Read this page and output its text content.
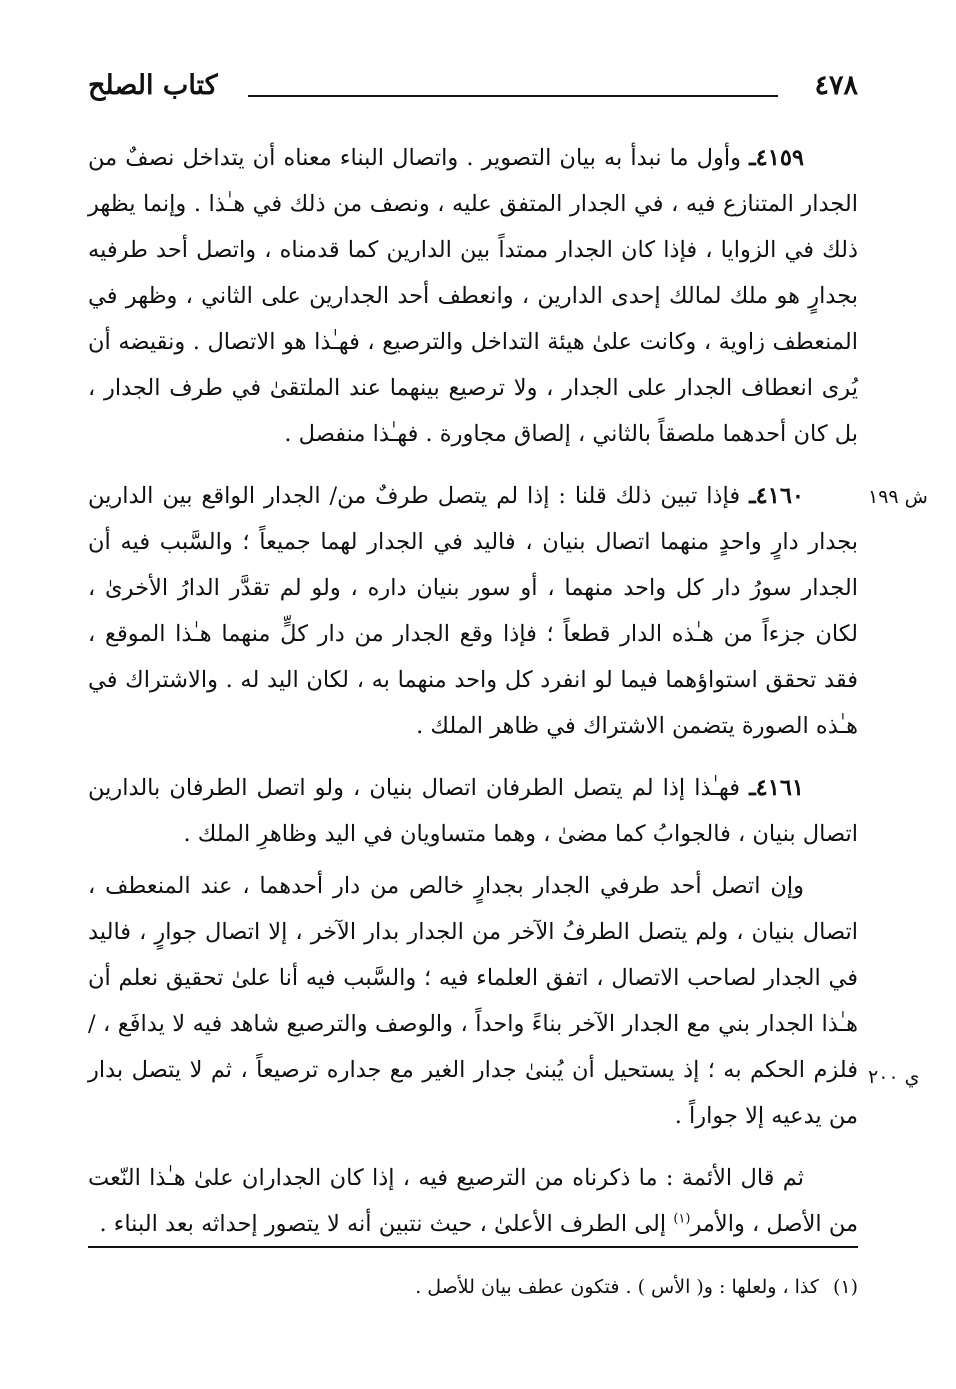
٤٧٨
كتاب الصلح

٤١٥٩ـ وأول ما نبدأ به بيان التصوير . واتصال البناء معناه أن يتداخل نصفٌ من الجدار المتنازع فيه ، في الجدار المتفق عليه ، ونصف من ذلك في هـٰذا . وإنما يظهر ذلك في الزوايا ، فإذا كان الجدار ممتداً بين الدارين كما قدمناه ، واتصل أحد طرفيه بجدارٍ هو ملك لمالك إحدى الدارين ، وانعطف أحد الجدارين على الثاني ، وظهر في المنعطف زاوية ، وكانت علىٰ هيئة التداخل والترصيع ، فهـٰذا هو الاتصال . ونقيضه أن يُرى انعطاف الجدار على الجدار ، ولا ترصيع بينهما عند الملتقىٰ في طرف الجدار ، بل كان أحدهما ملصقاً بالثاني ، إلصاق مجاورة . فهـٰذا منفصل .

٤١٦٠ـ فإذا تبين ذلك قلنا : إذا لم يتصل طرفٌ من/ الجدار الواقع بين الدارين بجدار دارٍ واحدٍ منهما اتصال بنيان ، فاليد في الجدار لهما جميعاً ؛ والسَّبب فيه أن الجدار سورُ دار كل واحد منهما ، أو سور بنيان داره ، ولو لم تقدَّر الدارُ الأخرىٰ ، لكان جزءاً من هـٰذه الدار قطعاً ؛ فإذا وقع الجدار من دار كلٍّ منهما هـٰذا الموقع ، فقد تحقق استواؤهما فيما لو انفرد كل واحد منهما به ، لكان اليد له . والاشتراك في هـٰذه الصورة يتضمن الاشتراك في ظاهر الملك .

٤١٦١ـ فهـٰذا إذا لم يتصل الطرفان اتصال بنيان ، ولو اتصل الطرفان بالدارين اتصال بنيان ، فالجوابُ كما مضىٰ ، وهما متساويان في اليد وظاهرِ الملك .

وإن اتصل أحد طرفي الجدار بجدارٍ خالص من دار أحدهما ، عند المنعطف ، اتصال بنيان ، ولم يتصل الطرفُ الآخر من الجدار بدار الآخر ، إلا اتصال جوارٍ ، فاليد في الجدار لصاحب الاتصال ، اتفق العلماء فيه ؛ والسَّبب فيه أنا علىٰ تحقيق نعلم أن هـٰذا الجدار بني مع الجدار الآخر بناءً واحداً ، والوصف والترصيع شاهد فيه لا يدافَع ، / فلزم الحكم به ؛ إذ يستحيل أن يُبنىٰ جدار الغير مع جداره ترصيعاً ، ثم لا يتصل بدار من يدعيه إلا جواراً .

ثم قال الأئمة : ما ذكرناه من الترصيع فيه ، إذا كان الجداران علىٰ هـٰذا النّعت من الأصل ، والأمر$^{(١)}$ إلى الطرف الأعلىٰ ، حيث نتبين أنه لا يتصور إحداثه بعد البناء .

ش ١٩٩
ي ٢٠٠
(١)كذا ، ولعلها : و( الأس ) . فتكون عطف بيان للأصل .
